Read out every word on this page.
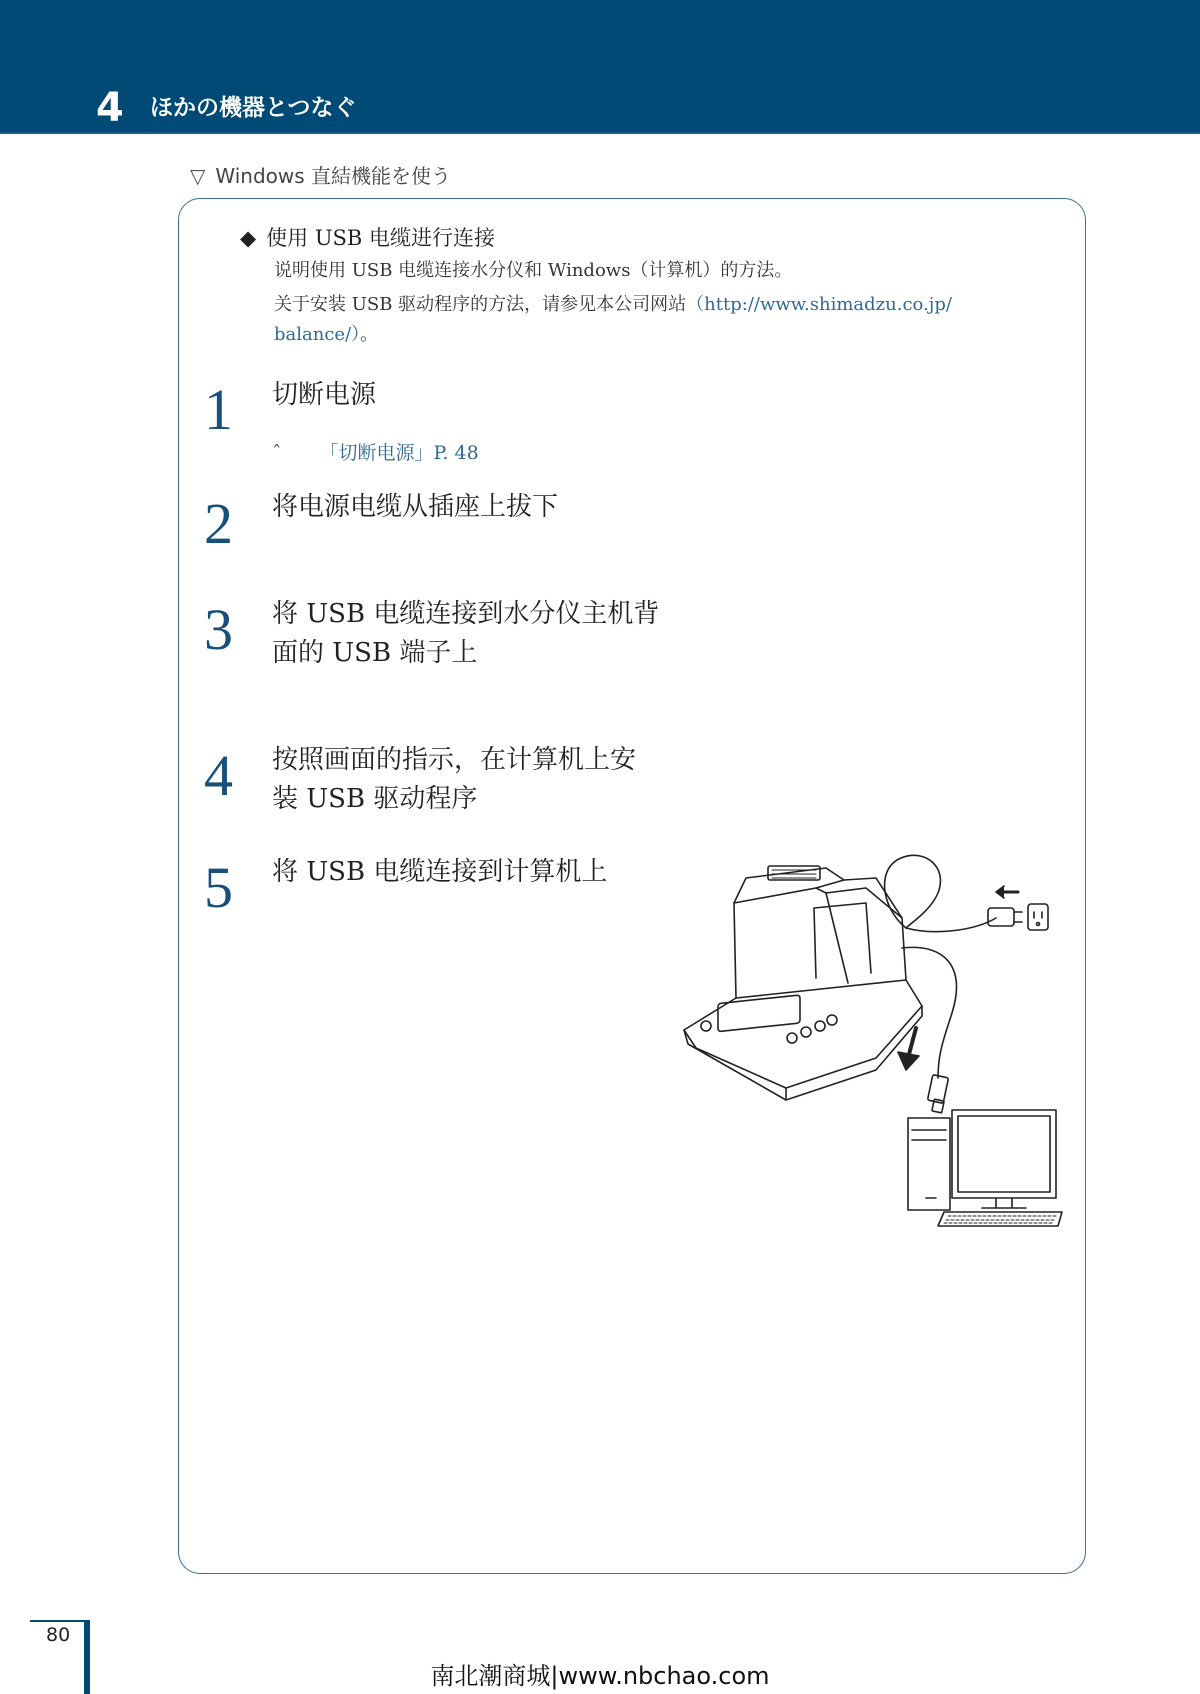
4 ほかの機器とつなぐ
▽ Windows 直結機能を使う
◆ 使用 USB 电缆进行连接
说明使用 USB 电缆连接水分仪和 Windows（计算机）的方法。
关于安装 USB 驱动程序的方法，请参见本公司网站（http://www.shimadzu.co.jp/
balance/）。
1 切断电源
ˆ 「切断电源」P. 48
2 将电源电缆从插座上拔下
3 将 USB 电缆连接到水分仪主机背
面的 USB 端子上
4 按照画面的指示，在计算机上安
装 USB 驱动程序
5 将 USB 电缆连接到计算机上
80
南北潮商城|www.nbchao.com
